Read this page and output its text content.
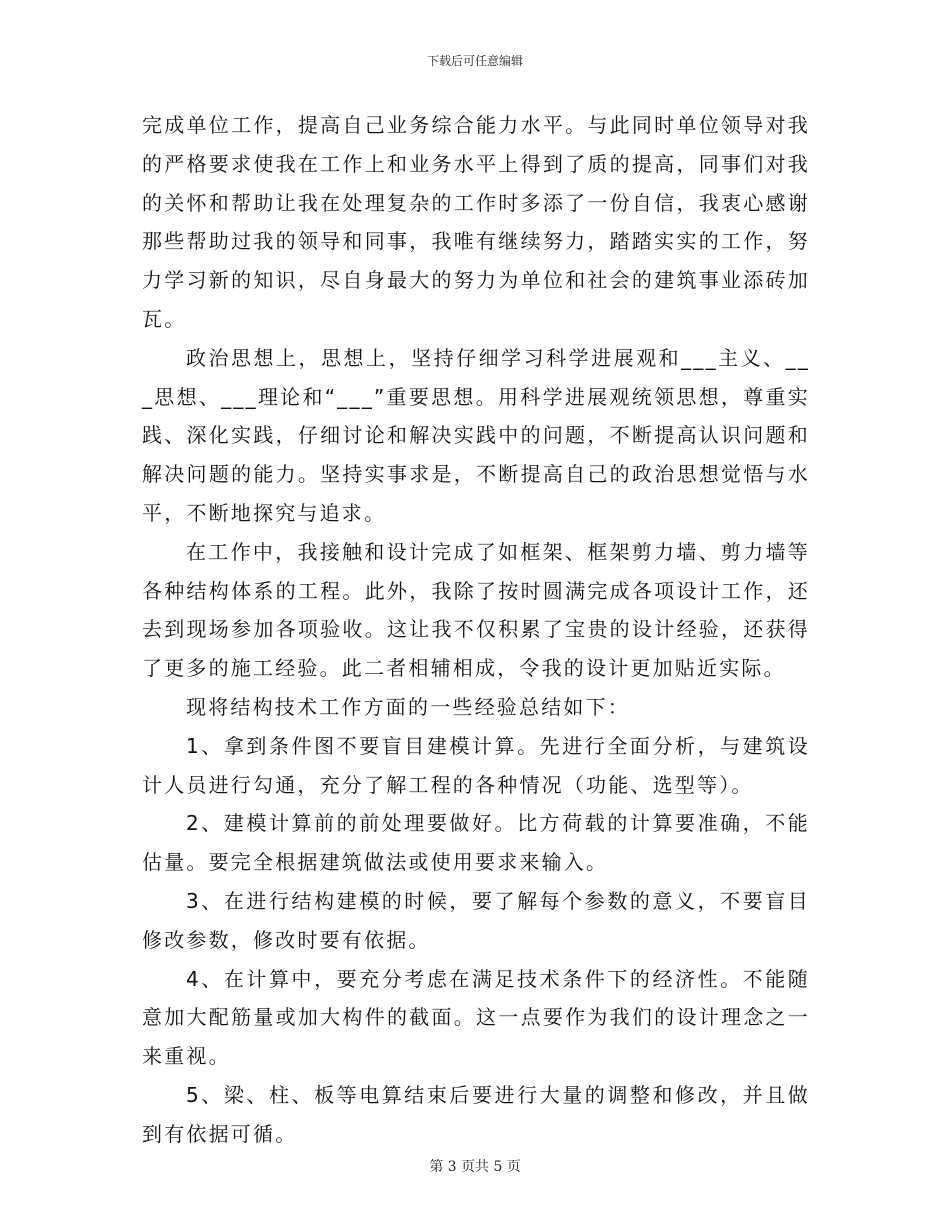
下载后可任意编辑

完成单位工作，提高自己业务综合能力水平。与此同时单位领导对我的严格要求使我在工作上和业务水平上得到了质的提高，同事们对我的关怀和帮助让我在处理复杂的工作时多添了一份自信，我衷心感谢那些帮助过我的领导和同事，我唯有继续努力，踏踏实实的工作，努力学习新的知识，尽自身最大的努力为单位和社会的建筑事业添砖加瓦。

政治思想上，思想上，坚持仔细学习科学进展观和___主义、___思想、___理论和“___”重要思想。用科学进展观统领思想，尊重实践、深化实践，仔细讨论和解决实践中的问题，不断提高认识问题和解决问题的能力。坚持实事求是，不断提高自己的政治思想觉悟与水平，不断地探究与追求。

在工作中，我接触和设计完成了如框架、框架剪力墙、剪力墙等各种结构体系的工程。此外，我除了按时圆满完成各项设计工作，还去到现场参加各项验收。这让我不仅积累了宝贵的设计经验，还获得了更多的施工经验。此二者相辅相成，令我的设计更加贴近实际。

现将结构技术工作方面的一些经验总结如下：

1、拿到条件图不要盲目建模计算。先进行全面分析，与建筑设计人员进行勾通，充分了解工程的各种情况（功能、选型等）。

2、建模计算前的前处理要做好。比方荷载的计算要准确，不能估量。要完全根据建筑做法或使用要求来输入。

3、在进行结构建模的时候，要了解每个参数的意义，不要盲目修改参数，修改时要有依据。

4、在计算中，要充分考虑在满足技术条件下的经济性。不能随意加大配筋量或加大构件的截面。这一点要作为我们的设计理念之一来重视。

5、梁、柱、板等电算结束后要进行大量的调整和修改，并且做到有依据可循。

第 3 页共 5 页
